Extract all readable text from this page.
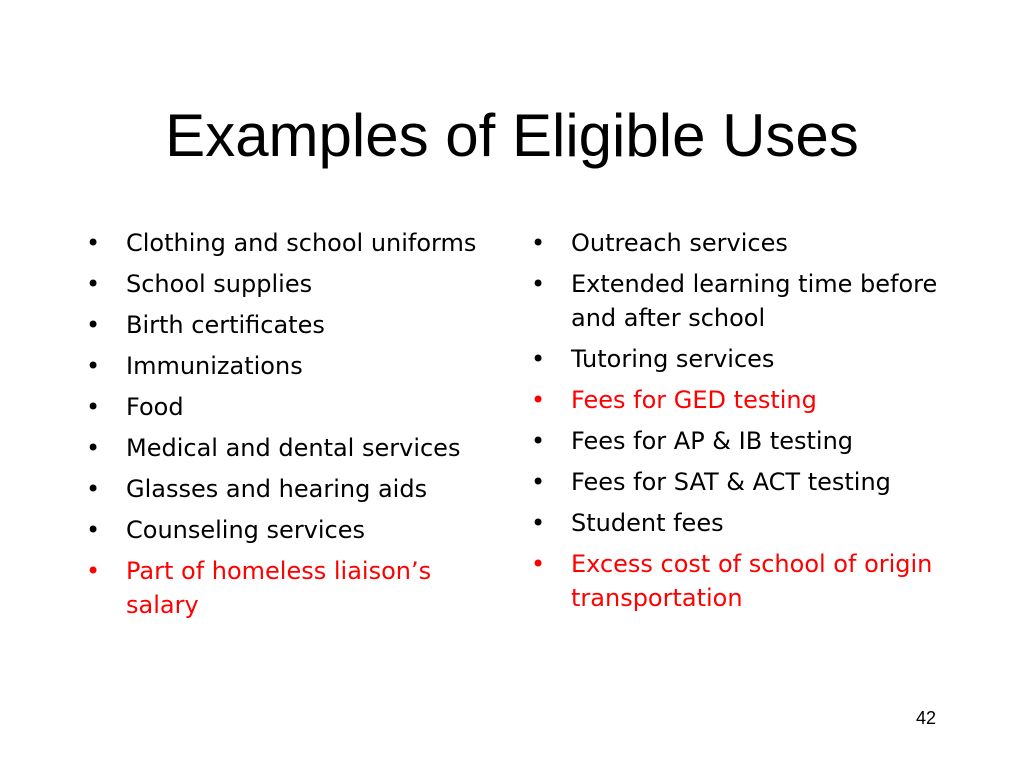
Examples of Eligible Uses
• Clothing and school uniforms
• School supplies
• Birth certificates
• Immunizations
• Food
• Medical and dental services
• Glasses and hearing aids
• Counseling services
• Part of homeless liaison’s salary
• Outreach services
• Extended learning time before and after school
• Tutoring services
• Fees for GED testing
• Fees for AP & IB testing
• Fees for SAT & ACT testing
• Student fees
• Excess cost of school of origin transportation
42
